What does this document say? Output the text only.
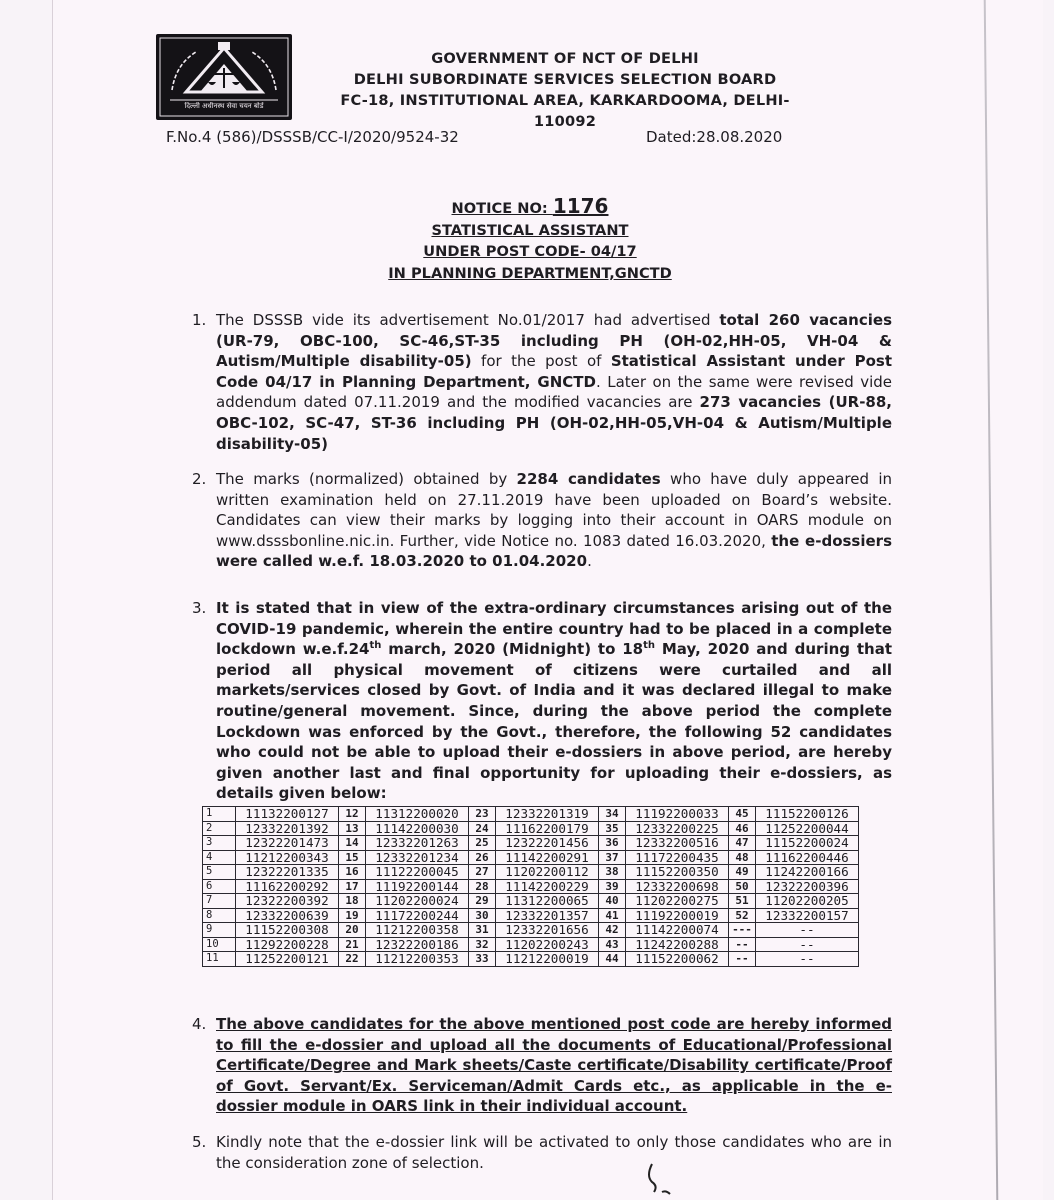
दिल्ली अधीनस्थ सेवा चयन बोर्ड
GOVERNMENT OF NCT OF DELHI
DELHI SUBORDINATE SERVICES SELECTION BOARD
FC-18, INSTITUTIONAL AREA, KARKARDOOMA, DELHI-
110092
F.No.4 (586)/DSSSB/CC-I/2020/9524-32	Dated:28.08.2020
NOTICE NO: 1176
STATISTICAL ASSISTANT
UNDER POST CODE- 04/17
IN PLANNING DEPARTMENT,GNCTD
1. The DSSSB vide its advertisement No.01/2017 had advertised total 260 vacancies (UR-79, OBC-100, SC-46,ST-35 including PH (OH-02,HH-05, VH-04 & Autism/Multiple disability-05) for the post of Statistical Assistant under Post Code 04/17 in Planning Department, GNCTD. Later on the same were revised vide addendum dated 07.11.2019 and the modified vacancies are 273 vacancies (UR-88, OBC-102, SC-47, ST-36 including PH (OH-02,HH-05,VH-04 & Autism/Multiple disability-05)
2. The marks (normalized) obtained by 2284 candidates who have duly appeared in written examination held on 27.11.2019 have been uploaded on Board’s website. Candidates can view their marks by logging into their account in OARS module on www.dsssbonline.nic.in. Further, vide Notice no. 1083 dated 16.03.2020, the e-dossiers were called w.e.f. 18.03.2020 to 01.04.2020.
3. It is stated that in view of the extra-ordinary circumstances arising out of the COVID-19 pandemic, wherein the entire country had to be placed in a complete lockdown w.e.f.24th march, 2020 (Midnight) to 18th May, 2020 and during that period all physical movement of citizens were curtailed and all markets/services closed by Govt. of India and it was declared illegal to make routine/general movement. Since, during the above period the complete Lockdown was enforced by the Govt., therefore, the following 52 candidates who could not be able to upload their e-dossiers in above period, are hereby given another last and final opportunity for uploading their e-dossiers, as details given below:
1	11132200127	12	11312200020	23	12332201319	34	11192200033	45	11152200126
2	12332201392	13	11142200030	24	11162200179	35	12332200225	46	11252200044
3	12322201473	14	12332201263	25	12322201456	36	12332200516	47	11152200024
4	11212200343	15	12332201234	26	11142200291	37	11172200435	48	11162200446
5	12322201335	16	11122200045	27	11202200112	38	11152200350	49	11242200166
6	11162200292	17	11192200144	28	11142200229	39	12332200698	50	12322200396
7	12322200392	18	11202200024	29	11312200065	40	11202200275	51	11202200205
8	12332200639	19	11172200244	30	12332201357	41	11192200019	52	12332200157
9	11152200308	20	11212200358	31	12332201656	42	11142200074	---	--
10	11292200228	21	12322200186	32	11202200243	43	11242200288	--	--
11	11252200121	22	11212200353	33	11212200019	44	11152200062	--	--
4. The above candidates for the above mentioned post code are hereby informed to fill the e-dossier and upload all the documents of Educational/Professional Certificate/Degree and Mark sheets/Caste certificate/Disability certificate/Proof of Govt. Servant/Ex. Serviceman/Admit Cards etc., as applicable in the e-dossier module in OARS link in their individual account.
5. Kindly note that the e-dossier link will be activated to only those candidates who are in the consideration zone of selection.
